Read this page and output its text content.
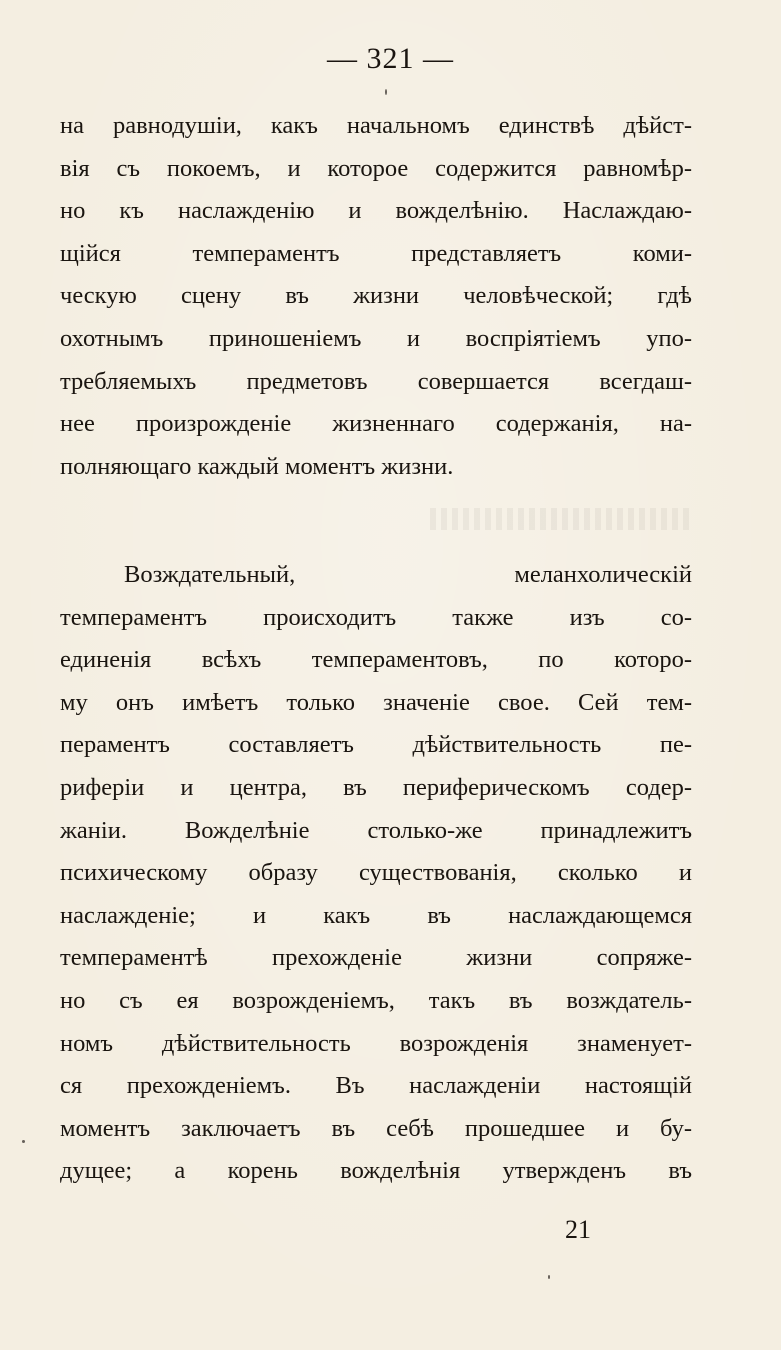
— 321 —
на равнодушіи, какъ начальномъ единствѣ дѣйст-
вія съ покоемъ, и которое содержится равномѣр-
но къ наслажденію и вожделѣнію. Наслаждаю-
щійся темпераментъ представляетъ коми-
ческую сцену въ жизни человѣческой; гдѣ
охотнымъ приношеніемъ и воспріятіемъ упо-
требляемыхъ предметовъ совершается всегдаш-
нее произрожденіе жизненнаго содержанія, на-
полняющаго каждый моментъ жизни.
Возждательный, меланхолическій
темпераментъ происходитъ также изъ со-
единенія всѣхъ темпераментовъ, по которо-
му онъ имѣетъ только значеніе свое. Сей тем-
пераментъ составляетъ дѣйствительность пе-
риферіи и центра, въ периферическомъ содер-
жаніи. Вожделѣніе столько-же принадлежитъ
психическому образу существованія, сколько и
наслажденіе; и какъ въ наслаждающемся
темпераментѣ прехожденіе жизни сопряже-
но съ ея возрожденіемъ, такъ въ возждатель-
номъ дѣйствительность возрожденія знаменует-
ся прехожденіемъ. Въ наслажденіи настоящій
моментъ заключаетъ въ себѣ прошедшее и бу-
дущее; а корень вожделѣнія утвержденъ въ
21
